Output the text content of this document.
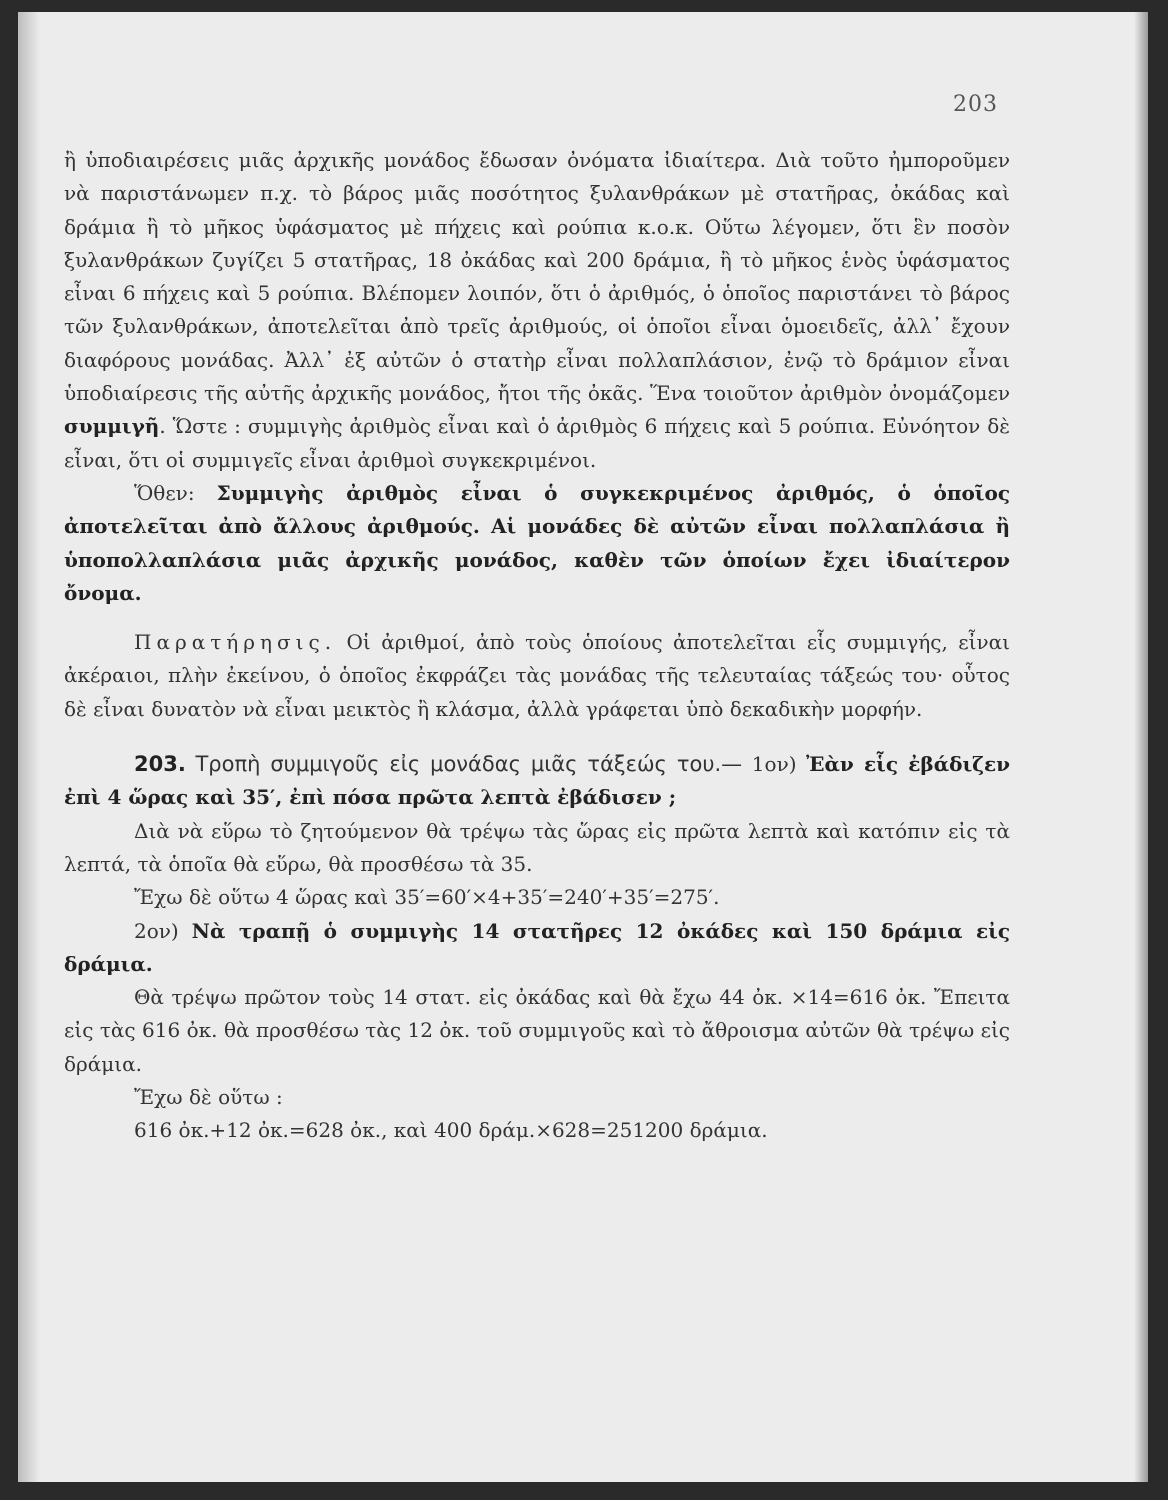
203

ἢ ὑποδιαιρέσεις μιᾶς ἀρχικῆς μονάδος ἔδωσαν ὀνόματα ἰδιαίτερα. Διὰ τοῦτο ἠμποροῦμεν νὰ παριστάνωμεν π.χ. τὸ βάρος μιᾶς ποσότητος ξυλανθράκων μὲ στατῆρας, ὀκάδας καὶ δράμια ἢ τὸ μῆκος ὑφάσματος μὲ πήχεις καὶ ρούπια κ.ο.κ. Οὕτω λέγομεν, ὅτι ἓν ποσὸν ξυλανθράκων ζυγίζει 5 στατῆρας, 18 ὀκάδας καὶ 200 δράμια, ἢ τὸ μῆκος ἑνὸς ὑφάσματος εἶναι 6 πήχεις καὶ 5 ρούπια. Βλέπομεν λοιπόν, ὅτι ὁ ἀριθμός, ὁ ὁποῖος παριστάνει τὸ βάρος τῶν ξυλανθράκων, ἀποτελεῖται ἀπὸ τρεῖς ἀριθμούς, οἱ ὁποῖοι εἶναι ὁμοειδεῖς, ἀλλ᾽ ἔχουν διαφόρους μονάδας. Ἀλλ᾽ ἐξ αὐτῶν ὁ στατὴρ εἶναι πολλαπλάσιον, ἐνῷ τὸ δράμιον εἶναι ὑποδιαίρεσις τῆς αὐτῆς ἀρχικῆς μονάδος, ἤτοι τῆς ὀκᾶς. Ἕνα τοιοῦτον ἀριθμὸν ὀνομάζομεν συμμιγῆ. Ὥστε : συμμιγὴς ἀριθμὸς εἶναι καὶ ὁ ἀριθμὸς 6 πήχεις καὶ 5 ρούπια. Εὐνόητον δὲ εἶναι, ὅτι οἱ συμμιγεῖς εἶναι ἀριθμοὶ συγκεκριμένοι.

Ὅθεν: Συμμιγὴς ἀριθμὸς εἶναι ὁ συγκεκριμένος ἀριθμός, ὁ ὁποῖος ἀποτελεῖται ἀπὸ ἄλλους ἀριθμούς. Αἱ μονάδες δὲ αὐτῶν εἶναι πολλαπλάσια ἢ ὑποπολλαπλάσια μιᾶς ἀρχικῆς μονάδος, καθὲν τῶν ὁποίων ἔχει ἰδιαίτερον ὄνομα.

Παρατήρησις. Οἱ ἀριθμοί, ἀπὸ τοὺς ὁποίους ἀποτελεῖται εἷς συμμιγής, εἶναι ἀκέραιοι, πλὴν ἐκείνου, ὁ ὁποῖος ἐκφράζει τὰς μονάδας τῆς τελευταίας τάξεώς του· οὗτος δὲ εἶναι δυνατὸν νὰ εἶναι μεικτὸς ἢ κλάσμα, ἀλλὰ γράφεται ὑπὸ δεκαδικὴν μορφήν.

203. Τροπὴ συμμιγοῦς εἰς μονάδας μιᾶς τάξεώς του.— 1ον) Ἐὰν εἷς ἐβάδιζεν ἐπὶ 4 ὥρας καὶ 35′, ἐπὶ πόσα πρῶτα λεπτὰ ἐβάδισεν ;

Διὰ νὰ εὕρω τὸ ζητούμενον θὰ τρέψω τὰς ὥρας εἰς πρῶτα λεπτὰ καὶ κατόπιν εἰς τὰ λεπτά, τὰ ὁποῖα θὰ εὕρω, θὰ προσθέσω τὰ 35.

Ἔχω δὲ οὕτω 4 ὥρας καὶ 35′=60′×4+35′=240′+35′=275′.

2ον) Νὰ τραπῇ ὁ συμμιγὴς 14 στατῆρες 12 ὀκάδες καὶ 150 δράμια εἰς δράμια.

Θὰ τρέψω πρῶτον τοὺς 14 στατ. εἰς ὀκάδας καὶ θὰ ἔχω 44 ὀκ. ×14=616 ὀκ. Ἔπειτα εἰς τὰς 616 ὀκ. θὰ προσθέσω τὰς 12 ὀκ. τοῦ συμμιγοῦς καὶ τὸ ἄθροισμα αὐτῶν θὰ τρέψω εἰς δράμια.

Ἔχω δὲ οὕτω :

616 ὀκ.+12 ὀκ.=628 ὀκ., καὶ 400 δράμ.×628=251200 δράμια.
